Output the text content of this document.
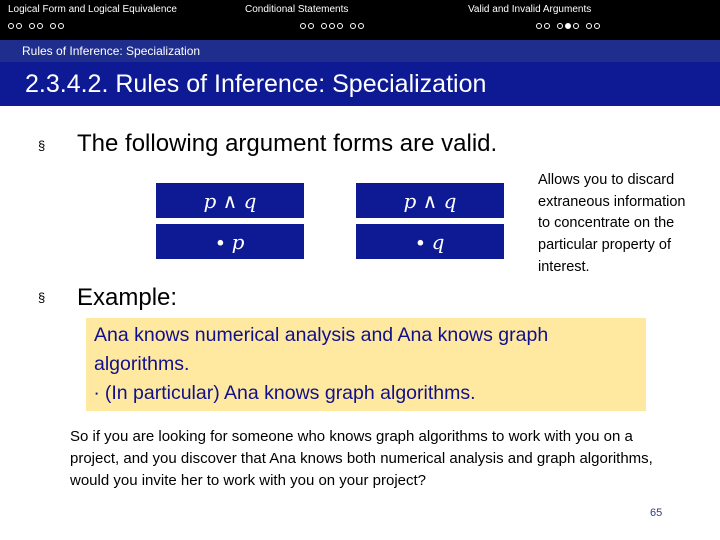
Logical Form and Logical Equivalence	Conditional Statements	Valid and Invalid Arguments
Rules of Inference: Specialization
2.3.4.2. Rules of Inference: Specialization
§ The following argument forms are valid.
p ∧ q
∙ p
p ∧ q
∙ q
Allows you to discard extraneous information to concentrate on the particular property of interest.
§ Example:
Ana knows numerical analysis and Ana knows graph algorithms.
∙ (In particular) Ana knows graph algorithms.
So if you are looking for someone who knows graph algorithms to work with you on a project, and you discover that Ana knows both numerical analysis and graph algorithms, would you invite her to work with you on your project?
65
